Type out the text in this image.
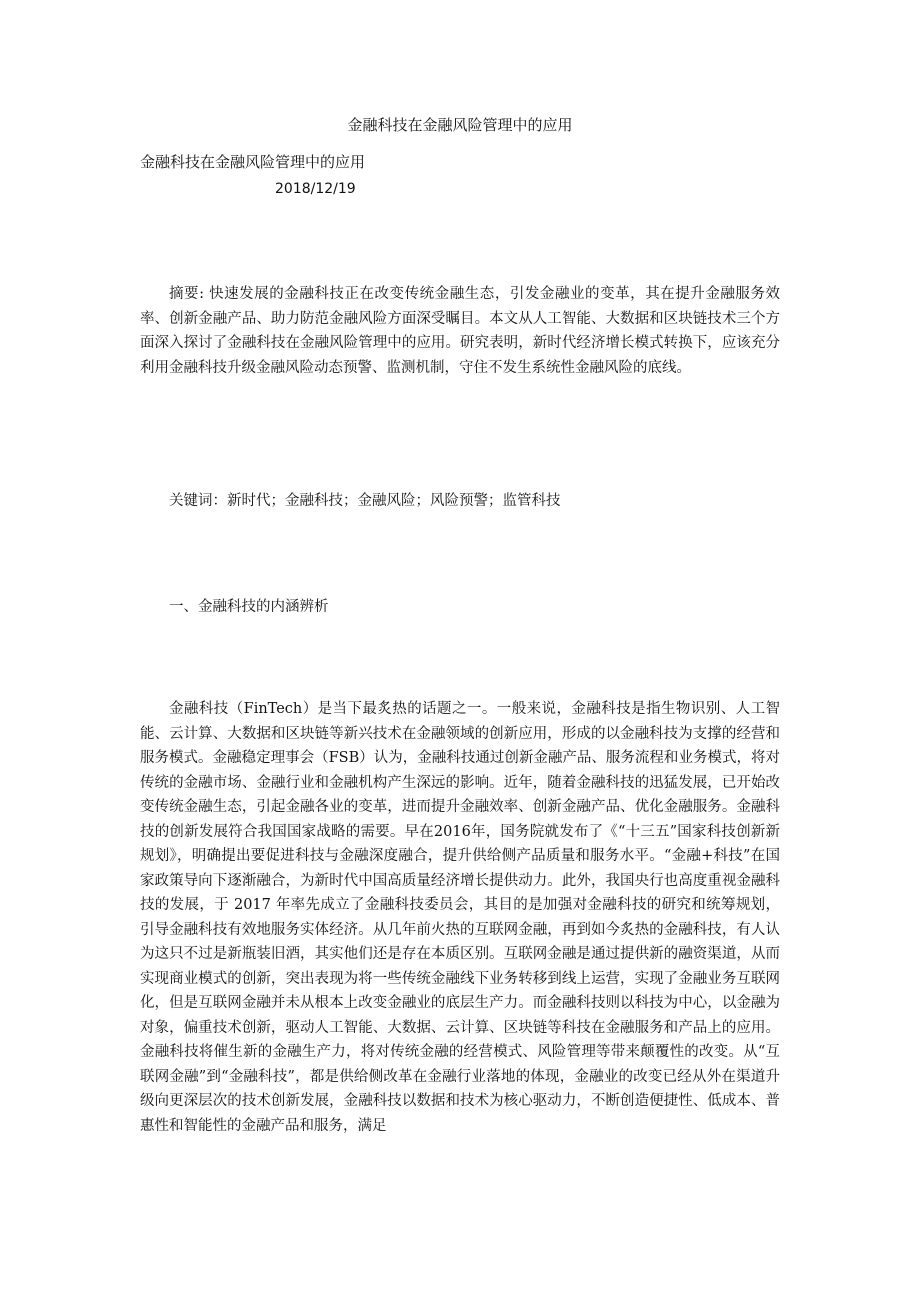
金融科技在金融风险管理中的应用
金融科技在金融风险管理中的应用
2018/12/19

摘要: 快速发展的金融科技正在改变传统金融生态，引发金融业的变革，其在提升金融服务效率、创新金融产品、助力防范金融风险方面深受瞩目。本文从人工智能、大数据和区块链技术三个方面深入探讨了金融科技在金融风险管理中的应用。研究表明，新时代经济增长模式转换下，应该充分利用金融科技升级金融风险动态预警、监测机制，守住不发生系统性金融风险的底线。

关键词：新时代；金融科技；金融风险；风险预警；监管科技

一、金融科技的内涵辨析

金融科技（FinTech）是当下最炙热的话题之一。一般来说，金融科技是指生物识别、人工智能、云计算、大数据和区块链等新兴技术在金融领域的创新应用，形成的以金融科技为支撑的经营和服务模式。金融稳定理事会（FSB）认为，金融科技通过创新金融产品、服务流程和业务模式，将对传统的金融市场、金融行业和金融机构产生深远的影响。近年，随着金融科技的迅猛发展，已开始改变传统金融生态，引起金融各业的变革，进而提升金融效率、创新金融产品、优化金融服务。金融科技的创新发展符合我国国家战略的需要。早在2016年，国务院就发布了《“十三五”国家科技创新新规划》，明确提出要促进科技与金融深度融合，提升供给侧产品质量和服务水平。“金融+科技”在国家政策导向下逐渐融合，为新时代中国高质量经济增长提供动力。此外，我国央行也高度重视金融科技的发展，于 2017 年率先成立了金融科技委员会，其目的是加强对金融科技的研究和统筹规划，引导金融科技有效地服务实体经济。从几年前火热的互联网金融，再到如今炙热的金融科技，有人认为这只不过是新瓶装旧酒，其实他们还是存在本质区别。互联网金融是通过提供新的融资渠道，从而实现商业模式的创新，突出表现为将一些传统金融线下业务转移到线上运营，实现了金融业务互联网化，但是互联网金融并未从根本上改变金融业的底层生产力。而金融科技则以科技为中心，以金融为对象，偏重技术创新，驱动人工智能、大数据、云计算、区块链等科技在金融服务和产品上的应用。金融科技将催生新的金融生产力，将对传统金融的经营模式、风险管理等带来颠覆性的改变。从“互联网金融”到“金融科技”，都是供给侧改革在金融行业落地的体现，金融业的改变已经从外在渠道升级向更深层次的技术创新发展，金融科技以数据和技术为核心驱动力，不断创造便捷性、低成本、普惠性和智能性的金融产品和服务，满足
